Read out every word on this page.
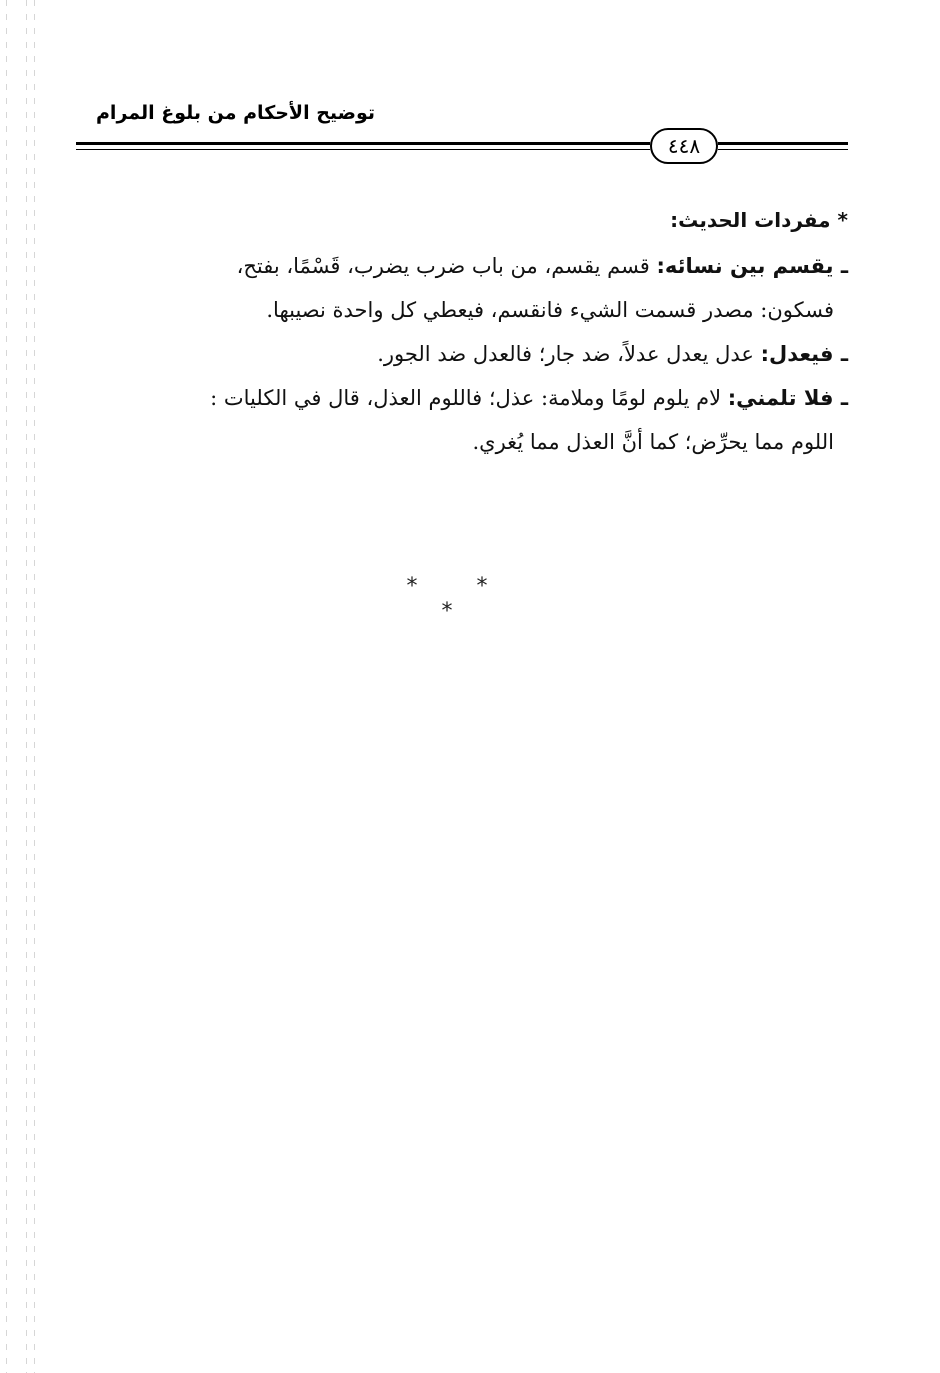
توضيح الأحكام من بلوغ المرام
٤٤٨
* مفردات الحديث:

ـ يقسم بين نسائه: قسم يقسم، من باب ضرب يضرب، قَسْمًا، بفتح،
فسكون: مصدر قسمت الشيء فانقسم، فيعطي كل واحدة نصيبها.

ـ فيعدل: عدل يعدل عدلاً، ضد جار؛ فالعدل ضد الجور.

ـ فلا تلمني: لام يلوم لومًا وملامة: عذل؛ فاللوم العذل، قال في الكليات :
اللوم مما يحرِّض؛ كما أنَّ العذل مما يُغري.

* * *
